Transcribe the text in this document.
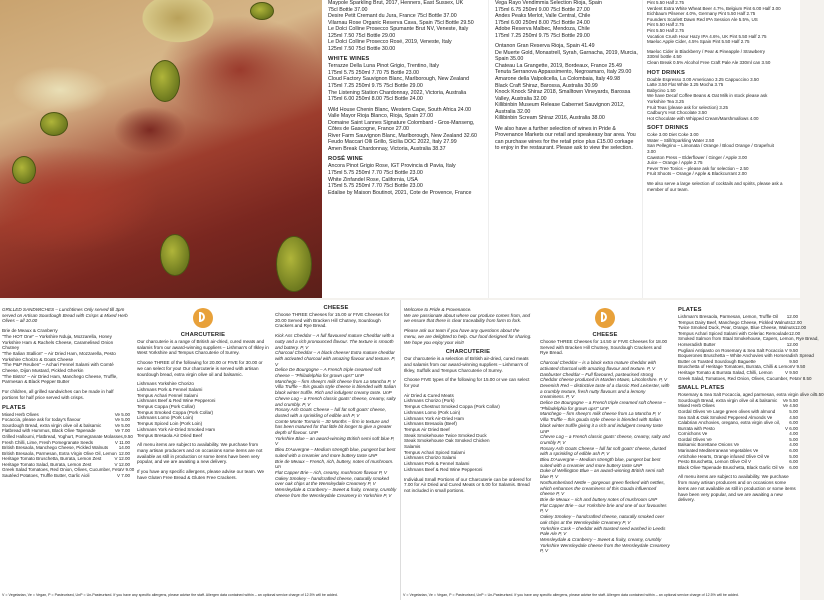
Maypole Sparkling Brut, 2017, Henners, East Sussex, UK
75cl Bottle 37.00
Desire Petit Cremant du Jura, France 75cl Bottle 37.00
Vilarnau Rose Organic Reserva Cava, Spain 75cl Bottle 29.50
Le Dolci Colline Prosecco Spumante Brut NV, Veneste, Italy
125ml 7.50 75cl Bottle 29.00
Le Dolci Colline Prosecco Rosé, 2019, Veneste, Italy
125ml 7.50 75cl Bottle 30.00
WHITE WINES
Terrazze Della Luna Pinot Grigio, Trentino, Italy
175ml 5.75 250ml 7.70 75 Bottle 23.00
Cloud Factory Sauvignon Blanc, Marlborough, New Zealand
175ml 7.25 250ml 9.75 75cl Bottle 29.00
The Listening Station Chardonnay, 2022, Victoria, Australia
175ml 6.00 250ml 8.00 75cl Bottle 24.00
Wild House Chenin Blanc, Western Cape, South Africa 24.00
Valle Mayor Rioja Blanco, Rioja, Spain 27.00
Domaine Saint Lannes Signature Colombard - Gros-Manseng,
Côtes de Gascogne, France 27.00
River Farm Sauvignon Blanc, Marlborough, New Zealand 32.60
Feudo Maccari Olli Grillo, Sicilia DOC 2022, Italy 27.99
Amen Break Chardonnay, Victoria, Australia 38.37
ROSÉ WINE
Ancora Pinot Grigio Rose, IGT Provincia di Pavia, Italy
175ml 5.75 250ml 7.70 75cl Bottle 23.00
White Zinfandel Rose, California, USA
175ml 5.75 250ml 7.70 75cl Bottle 23.00
Edalise by Maison Boutinot, 2021, Cote de Provence, France
Vega Rayo Vendimmia Selection Rioja, Spain
175ml 6.75 250ml 9.00 75cl Bottle 27.00
Andes Peaks Merlot, Valle Central, Chile
175ml 6.00 250ml 8.00 75cl Bottle 24.00
Adobe Reserva Malbec, Mendoza, Chile
175ml 7.25 250ml 9.75 75cl Bottle 29.00
Ontanon Gran Reserva Rioja, Spain 41.49
De Muerte Gold, Monastrell, Syrah, Garnacha, 2019, Murcia,
Spain 35.00
Chateau La Grangette, 2019, Bordeaux, France 25.49
Tenuta Serranova Appassimento, Negroamaro, Italy 29.00
Amarone della Valpolicella, La Colombaia, Italy 49.98
Black Craft Shiraz, Barossa, Australia 30.99
Knock Knock Shiraz 2018, Smalltown Vineyards, Barossa
Valley, Australia 32.00
Killibinbin Museum Release Cabernet Sauvignon 2012,
Australia 32.00
Killibinbin Scream Shiraz 2016, Australia 38.00
We also have a further selection of wines in Pride & Provenance Markets our retail and speakeasy bar area. You can purchase wines for the retail price plus £15.00 corkage to enjoy in the restaurant. Please ask to view the selection.
Pint 5.50 Half 2.75
Verdent Extra White Wheat Beer 4.7%, Belgium Pint 6.00 Half 3.00
Eichbaum Pilsener 4.0%, Germany Pint 5.50 Half 2.75
Founders Scarlett Dawn Red IPA Session Ale 5.5%, US
Pint 5.50 Half 2.75
Pint 5.50 Half 2.75
Vocation Crush Hour Hazy IPA 4.6%, UK Pint 5.50 Half 2.75
Maeloc Apple Cider, 4.5% Spain Pint 5.50 Half 2.75
Maeloc Cider in Blackberry / Pear & Pineapple / Strawberry
330ml bottle 4.50
Clean Break 0.5% Alcohol Free Craft Pale Ale 330ml can 3.50
HOT DRINKS
Double Espresso 3.00 Americano 3.25 Cappuccino 3.50
Latte 3.50 Flat White 3.25 Mocha 3.75
Babycino 1.50
We have Decaf Coffee Beans & Oat Milk in stock please ask
Yorkshire Tea 3.25
Fruit Teas (please ask for selection) 3.25
Cadbury's Hot Chocolate 3.50
Hot Chocolate with Whipped Cream/Marshmallows 4.00
SOFT DRINKS
Coke 3.00 Diet Coke 3.00
Water – Still/Sparkling Water 2.50
San Pellegrino – Limonata / Orange / Blood Orange / Grapefruit
3.00
Cawston Press – Elderflower / Ginger / Apple 3.00
Juice – Orange / Apple 2.75
Fever Tree Tonics – please ask for selection – 2.50
Fruit Shoots – Orange / Apple & Blackcurrant 2.00
We also serve a large selection of cocktails and spirits, please ask a
member of our team.
GRILLED SANDWICHES – Lunchtimes Only served till 3pm
served on Artisan Sourdough Bread with Crisps & Mixed Herb Olives – all 10.00
Brie de Meaux & Cranberry
"The HOT One" – Yorkshire Nduja, Mozzarella, Honey
Yorkshire Ham & Rachels Cheese, Caramelised Onion Chutney
"The Italian Stallion" – Air Dried Ham, Mozzarella, Pesto
Yorkshire Chorizo & Goats Cheese
"The P&P Reuben" – Achari Fennel Salami with Comté Cheese, Dijon Mustard, Pickled Gherkin
"The Bistro" – Air Dried Ham, Manchego Cheese, Truffle, Parmesan & Black Pepper Butter
For children, all grilled sandwiches can be made in half portions for half price served with crisps.
PLATES
Mixed Herb Olives	Ve 5.00
Focaccia, please ask for today's flavour	Ve 5.00
Sourdough Bread, extra virgin olive oil & balsamic	Ve 5.00
Flatbread with Hummus, Black Olive Tapenade	Ve 7.00
Grilled Halloumi, Flatbread, Yoghurt, Pomegranate Molasses, 9.50
Fresh Chilli, Lime, Fresh Pomegranate Seeds	V 11.00
British Bresaola, Manchego Cheese, Pickled Walnuts 14.00
British Bresaola, Parmesan, Extra Virgin Olive Oil, Lemon 12.00
Heritage Tomato Bruschetta, Burrata, Lemon Zest	V 12.00
Heritage Tomato Salad, Burrata, Lemon Zest	V 12.00
Greek Salad Tomatoes, Red Onion, Olives, Cucumber, Feta V 9.00
Sautéed Potatoes, Truffle Butter, Garlic Aioli	V 7.00
CHARCUTERIE
Our charcuterie is a range of British air-dried, cured meats and salamis from our award-winning suppliers – Lishman's of Ilkley in West Yorkshire and Tempus Charcuterie of Surrey.
Choose THREE of the following for 20.00 or FIVE for 30.00 or we can select for you! Our charcuterie is served with artisan sourdough bread, extra virgin olive oil and balsamic.
Lishmans Yorkshire Chorizo
Lishmans Pork & Fennel Salami
Tempus Achari Fennel Salami
Lishmans Beef & Red Wine Pepperoni
Tempus Coppa (Pork Collar)
Tempus Smoked Coppa (Pork Collar)
Lishmans Lomo (Pork Loin)
Tempus Spiced Loin (Pork Loin)
Lishmans York Air-Dried Smoked Ham
Tempus Bresaola Air Dried Beef
All menu items are subject to availability. We purchase from many artisan producers and on occasions some items are not available as still in production or some items have been very popular, and we are awaiting a new delivery.
If you have any specific allergens, please advise our team. We have Gluten Free Bread & Gluten Free Crackers.
CHEESE
Choose THREE Cheeses for 15.00 or FIVE Cheeses for 20.00 Served with Bracken Hill Chutney, Sourdough Crackers and Rye Bread.
Kick Ass Cheddar – A full flavoured mature Cheddar with a nutty and a rich pronounced flavour. The texture is smooth and buttery. P, V
Charcoal Cheddar – A black cheese! Extra mature cheddar with activated charcoal with amazing flavour and texture. P, V
Delice De Bourgogne – A French triple creamed soft cheese – "Philadelphia for grown ups!" UnP
Manchego – firm sheep's milk cheese from La Mancha P, V
Villa Truffle – this gouda style cheese is blended with Italian black winter truffle. Rich and indulgent creamy taste. UnP
Chevre Log – a French classic goats' cheese, creamy, salty and crumbly. P, V
Rosary Ash Goats Cheese – full fat soft goats' cheese, dusted with a sprinkling of edible ash P, V
Comte Monte Tornaris – 30 Months – firm in texture and has been matured for that little bit longer to give a greater depth of flavour. UnP
Yorkshire Blue – an award-winning British semi soft blue P, V
Bleu D'Auvergne – Medium strength blue, pungent but best suited with a creamier and more buttery taste UnP
Brie de Meaux – French, rich, buttery, notes of mushroom. Un
Flat Capper Brie – rich, creamy, mushroom flavour P, V
Oakey Smokey – handcrafted cheese, naturally smoked over oak chips at the Wensleydale Creamery P, V
Wensleydale & Cranberry – Sweet & fruity, creamy, crumbly cheese from the Wensleydale Creamery in Yorkshire P, V
V = Vegetarian, Ve = Vegan, P = Pasteurised, UnP = Un-Pasteurised. If you have any specific allergens, please advise the staff. Allergen data contained within – an optional service charge of 12.5% will be added.
Welcome to Pride & Provenance.
We are passionate about where our produce comes from, and we ensure that there is clear traceability from farm to fork.
Please ask our team if you have any questions about the menu, we are delighted to help. Our food designed for sharing. We hope you enjoy your visit!
CHARCUTERIE
Our charcuterie is a selection of British air-dried, cured meats and salamis from our award-winning suppliers – Lishman's of Ilkley, Suffolk and Tempus Charcuterie of Surrey.
Choose FIVE types of the following for 15.00 or we can select for you!
Air Dried & Cured Meats
Lishmans Chorizo (Pork)
Tempus Chestnut Smoked Coppa (Pork Collar)
Lishmans Lomo (Pork Loin)
Lishmans York Air-Dried Ham
Lishmans Bresaola (Beef)
Tempus Air Dried Beef
Steak Smokehouse Twice Smoked Duck
Steak Smokehouse Oak Smoked Chicken
Salamis
Tempus Achari Spiced Salami
Lishmans Chorizo Salami
Lishmans Pork & Fennel Salami
Lishmans Beef & Red Wine Pepperoni
Individual Small Portions of our Charcuterie can be ordered for 7.00 for Air Dried and Cured Meats or 5.00 for Salamis. Bread not included in small portions.
CHEESE
Choose THREE Cheeses for 14.50 or FIVE Cheeses for 18.00 Served with Bracken Hill Chutney, Sourdough Crackers and Rye Bread.
Charcoal Cheddar – is a black extra mature cheddar with activated charcoal with amazing flavour and texture. P, V
Danbuster Cheddar – Full flavoured, pasteurised strong Cheddar cheese produced in Marden Mawn, Lincolnshire. P, V
Devenish Red – distinctive taste of a classic Red Leicester, with a crumbly texture, fresh nutty flavours and a lemony creaminess. P, V
Delice De Bourgogne – a French triple creamed soft cheese – "Philadelphia for grown ups!" UnP
Manchego – firm sheep's milk cheese from La Mancha P, V
Villa Truffle – this gouda style cheese is blended with Italian black winter truffle giving it a rich and indulgent creamy taste UnP
Chevre Log – a French classic goats' cheese, creamy, salty and crumbly P, V
Rosary Ash Goats Cheese – full fat soft goats' cheese, dusted with a sprinkling of edible ash P, V
Bleu D'Auvergne – Medium strength blue, pungent but best suited with a creamier and more buttery taste UnP
Duke of Wellington Blue – an award-winning British semi soft blue P, V
Northumberland Nettle – gorgeous green flecked with nettles, which enhances the creaminess of this Gouda influenced cheese P, V
Brie de Meaux – rich and buttery notes of mushroom UnP
Flat Capper Brie – our Yorkshire brie and one of our favourites P, V
Oakey Smokey – handcrafted cheese, naturally smoked over oak chips at the Wensleydale Creamery P, V
Yorkshire Cask – cheddar with toasted seed washed in Leeds Pale Ale P, V
Wensleydale & Cranberry – Sweet & fruity, creamy, crumbly Yorkshire Wensleydale cheese from the Wensleydale Creamery P, V
PLATES
Lishman's Bresaola, Parmesan, Lemon, Truffle Oil 12.00
Tempus Dairy Beef, Manchego Cheese, Pickled Walnuts 12.00
Twice Smoked Duck, Pear, Orange, Blue Cheese, Walnuts 12.00
Tempus Achari Spiced Salami with Celeriac Remoulade 12.00
Smoked Salmon from Staal Smokehouse, Capers, Lemon, Rye Bread,
Horseradish Butter	12.00
Pugliani Antipasto on Rosemary & Sea Salt Focaccia V 9.50
Boquerones Bruschetta – White Anchovies with Horseradish Spread
Butter on Toasted Sourdough Baguette	9.50
Bruschetta of Heritage Tomatoes, Burrata, Chilli & Lemon V 9.50
Heritage Tomato & Burrata Salad, Chilli, Lemon	V 9.50
Greek Salad, Tomatoes, Red Onion, Olives, Cucumber, Feta V 8.50
SMALL PLATES
Rosemary & Sea Salt Focaccia, aged parmesan, extra virgin olive oil 5.50
Sourdough Bread, extra virgin olive oil & balsamic Ve 5.50
Mixed Herb Olives	Ve 4.50
Gordal Olives Ve Large green olives with almond	5.00
Sea Salt & Oak Smoked Peppered Almonds Ve	4.50
Calabrian Anchovies, oregano, extra virgin olive oil, 6.00
Burrata with Pesto	V 6.00
Cornichons Ve	4.00
Gordal Olives Ve	5.00
Balsamic Borettane Onions Ve	4.00
Marinated Mediterranean Vegetables Ve	6.00
Artichoke Hearts, Orange infused Olive Oil Ve	5.00
Pesto Bruschetta, Lemon Olive Oil V	6.00
Black Olive Tapenade Bruschetta, Black Garlic Oil Ve 6.00
All menu items are subject to availability. We purchase from many artisan producers and on occasions some items are not available as still in production or some items have been very popular, and we are awaiting a new delivery.
V = Vegetarian, Ve = Vegan, P = Pasteurised, UnP = Un-Pasteurised. If you have any specific allergens, please advise the staff. Allergen data contained within – an optional service charge of 12.5% will be added.
